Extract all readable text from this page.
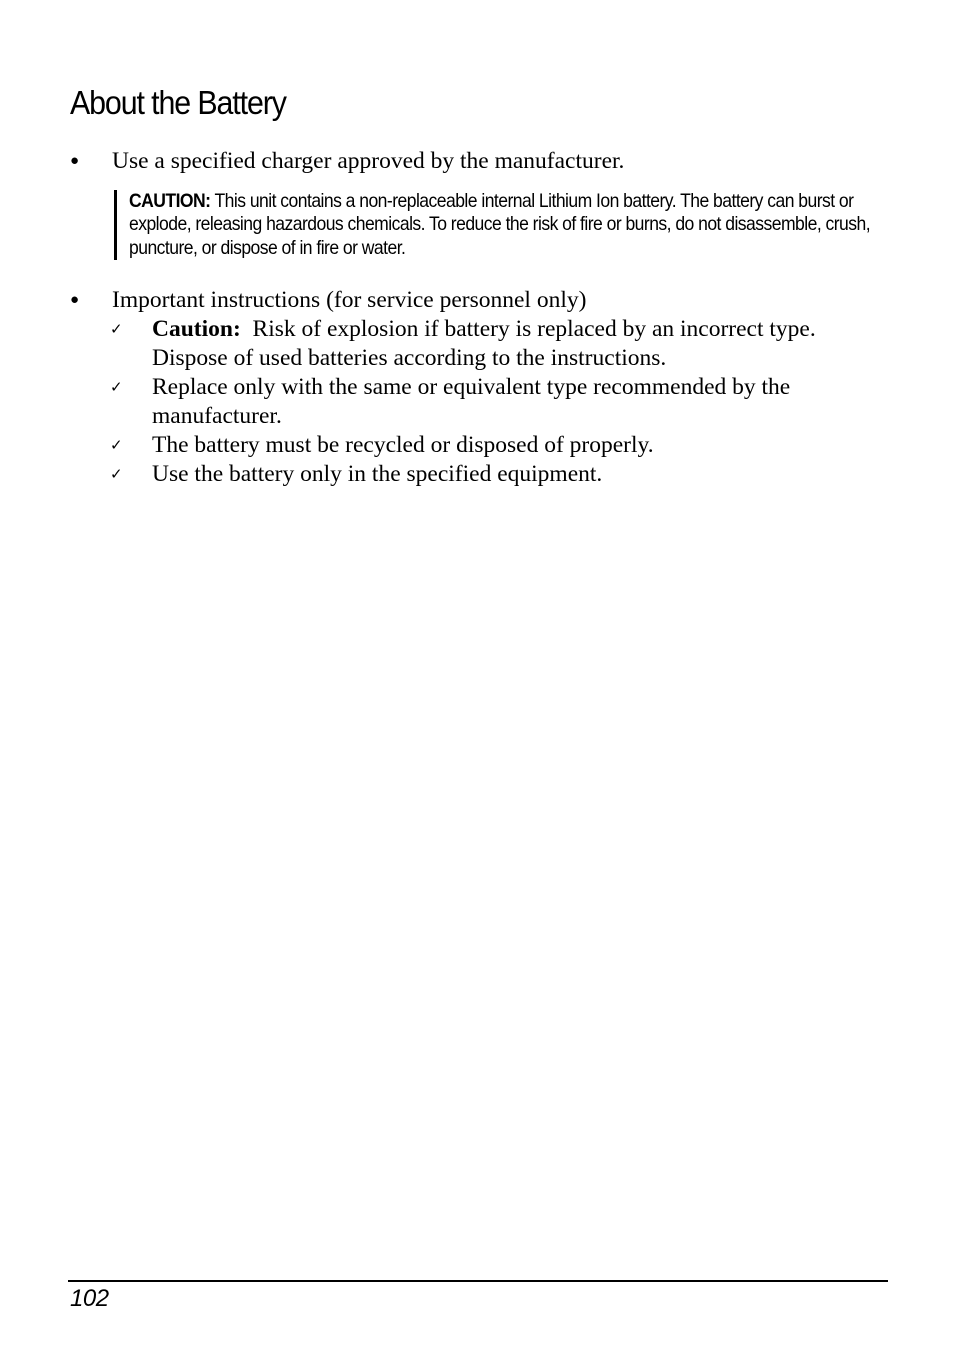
About the Battery
● Use a specified charger approved by the manufacturer.
CAUTION: This unit contains a non-replaceable internal Lithium Ion battery. The battery can burst or explode, releasing hazardous chemicals. To reduce the risk of fire or burns, do not disassemble, crush, puncture, or dispose of in fire or water.
● Important instructions (for service personnel only)
✓ Caution: Risk of explosion if battery is replaced by an incorrect type. Dispose of used batteries according to the instructions.
✓ Replace only with the same or equivalent type recommended by the manufacturer.
✓ The battery must be recycled or disposed of properly.
✓ Use the battery only in the specified equipment.
102
